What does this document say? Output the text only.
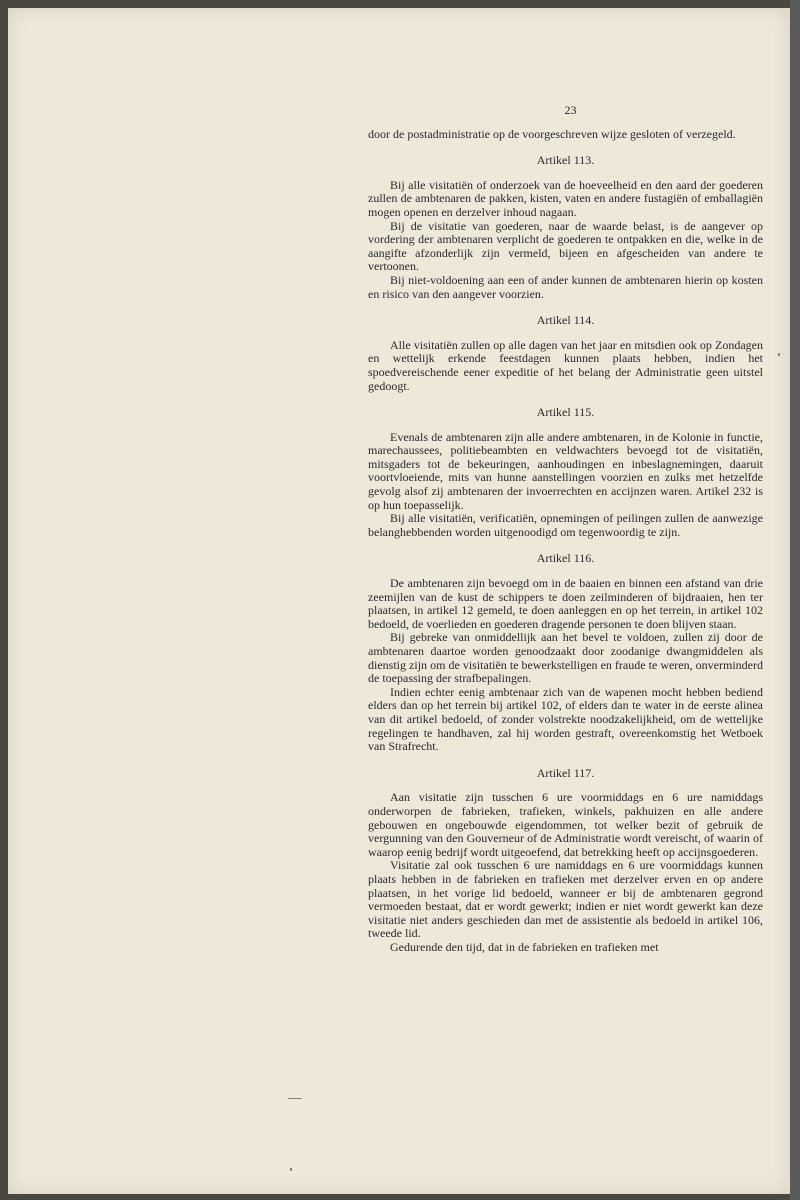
23

door de postadministratie op de voorgeschreven wijze gesloten of verzegeld.

Artikel 113.

Bij alle visitatiën of onderzoek van de hoeveelheid en den aard der goederen zullen de ambtenaren de pakken, kisten, vaten en andere fustagiën of emballagiën mogen openen en derzelver inhoud nagaan.

Bij de visitatie van goederen, naar de waarde belast, is de aangever op vordering der ambtenaren verplicht de goederen te ontpakken en die, welke in de aangifte afzonderlijk zijn vermeld, bijeen en afgescheiden van andere te vertoonen.

Bij niet-voldoening aan een of ander kunnen de ambtenaren hierin op kosten en risico van den aangever voorzien.

Artikel 114.

Alle visitatiën zullen op alle dagen van het jaar en mitsdien ook op Zondagen en wettelijk erkende feestdagen kunnen plaats hebben, indien het spoedvereischende eener expeditie of het belang der Administratie geen uitstel gedoogt.

Artikel 115.

Evenals de ambtenaren zijn alle andere ambtenaren, in de Kolonie in functie, marechaussees, politiebeambten en veldwachters bevoegd tot de visitatiën, mitsgaders tot de bekeuringen, aanhoudingen en inbeslagnemingen, daaruit voortvloeiende, mits van hunne aanstellingen voorzien en zulks met hetzelfde gevolg alsof zij ambtenaren der invoerrechten en accijnzen waren. Artikel 232 is op hun toepasselijk.

Bij alle visitatiën, verificatiën, opnemingen of peilingen zullen de aanwezige belanghebbenden worden uitgenoodigd om tegenwoordig te zijn.

Artikel 116.

De ambtenaren zijn bevoegd om in de baaien en binnen een afstand van drie zeemijlen van de kust de schippers te doen zeilminderen of bijdraaien, hen ter plaatsen, in artikel 12 gemeld, te doen aanleggen en op het terrein, in artikel 102 bedoeld, de voerlieden en goederen dragende personen te doen blijven staan.

Bij gebreke van onmiddellijk aan het bevel te voldoen, zullen zij door de ambtenaren daartoe worden genoodzaakt door zoodanige dwangmiddelen als dienstig zijn om de visitatiën te bewerkstelligen en fraude te weren, onverminderd de toepassing der strafbepalingen.

Indien echter eenig ambtenaar zich van de wapenen mocht hebben bediend elders dan op het terrein bij artikel 102, of elders dan te water in de eerste alinea van dit artikel bedoeld, of zonder volstrekte noodzakelijkheid, om de wettelijke regelingen te handhaven, zal hij worden gestraft, overeenkomstig het Wetboek van Strafrecht.

Artikel 117.

Aan visitatie zijn tusschen 6 ure voormiddags en 6 ure namiddags onderworpen de fabrieken, trafieken, winkels, pakhuizen en alle andere gebouwen en ongebouwde eigendommen, tot welker bezit of gebruik de vergunning van den Gouverneur of de Administratie wordt vereischt, of waarin of waarop eenig bedrijf wordt uitgeoefend, dat betrekking heeft op accijnsgoederen.

Visitatie zal ook tusschen 6 ure namiddags en 6 ure voormiddags kunnen plaats hebben in de fabrieken en trafieken met derzelver erven en op andere plaatsen, in het vorige lid bedoeld, wanneer er bij de ambtenaren gegrond vermoeden bestaat, dat er wordt gewerkt; indien er niet wordt gewerkt kan deze visitatie niet anders geschieden dan met de assistentie als bedoeld in artikel 106, tweede lid.

Gedurende den tijd, dat in de fabrieken en trafieken met
